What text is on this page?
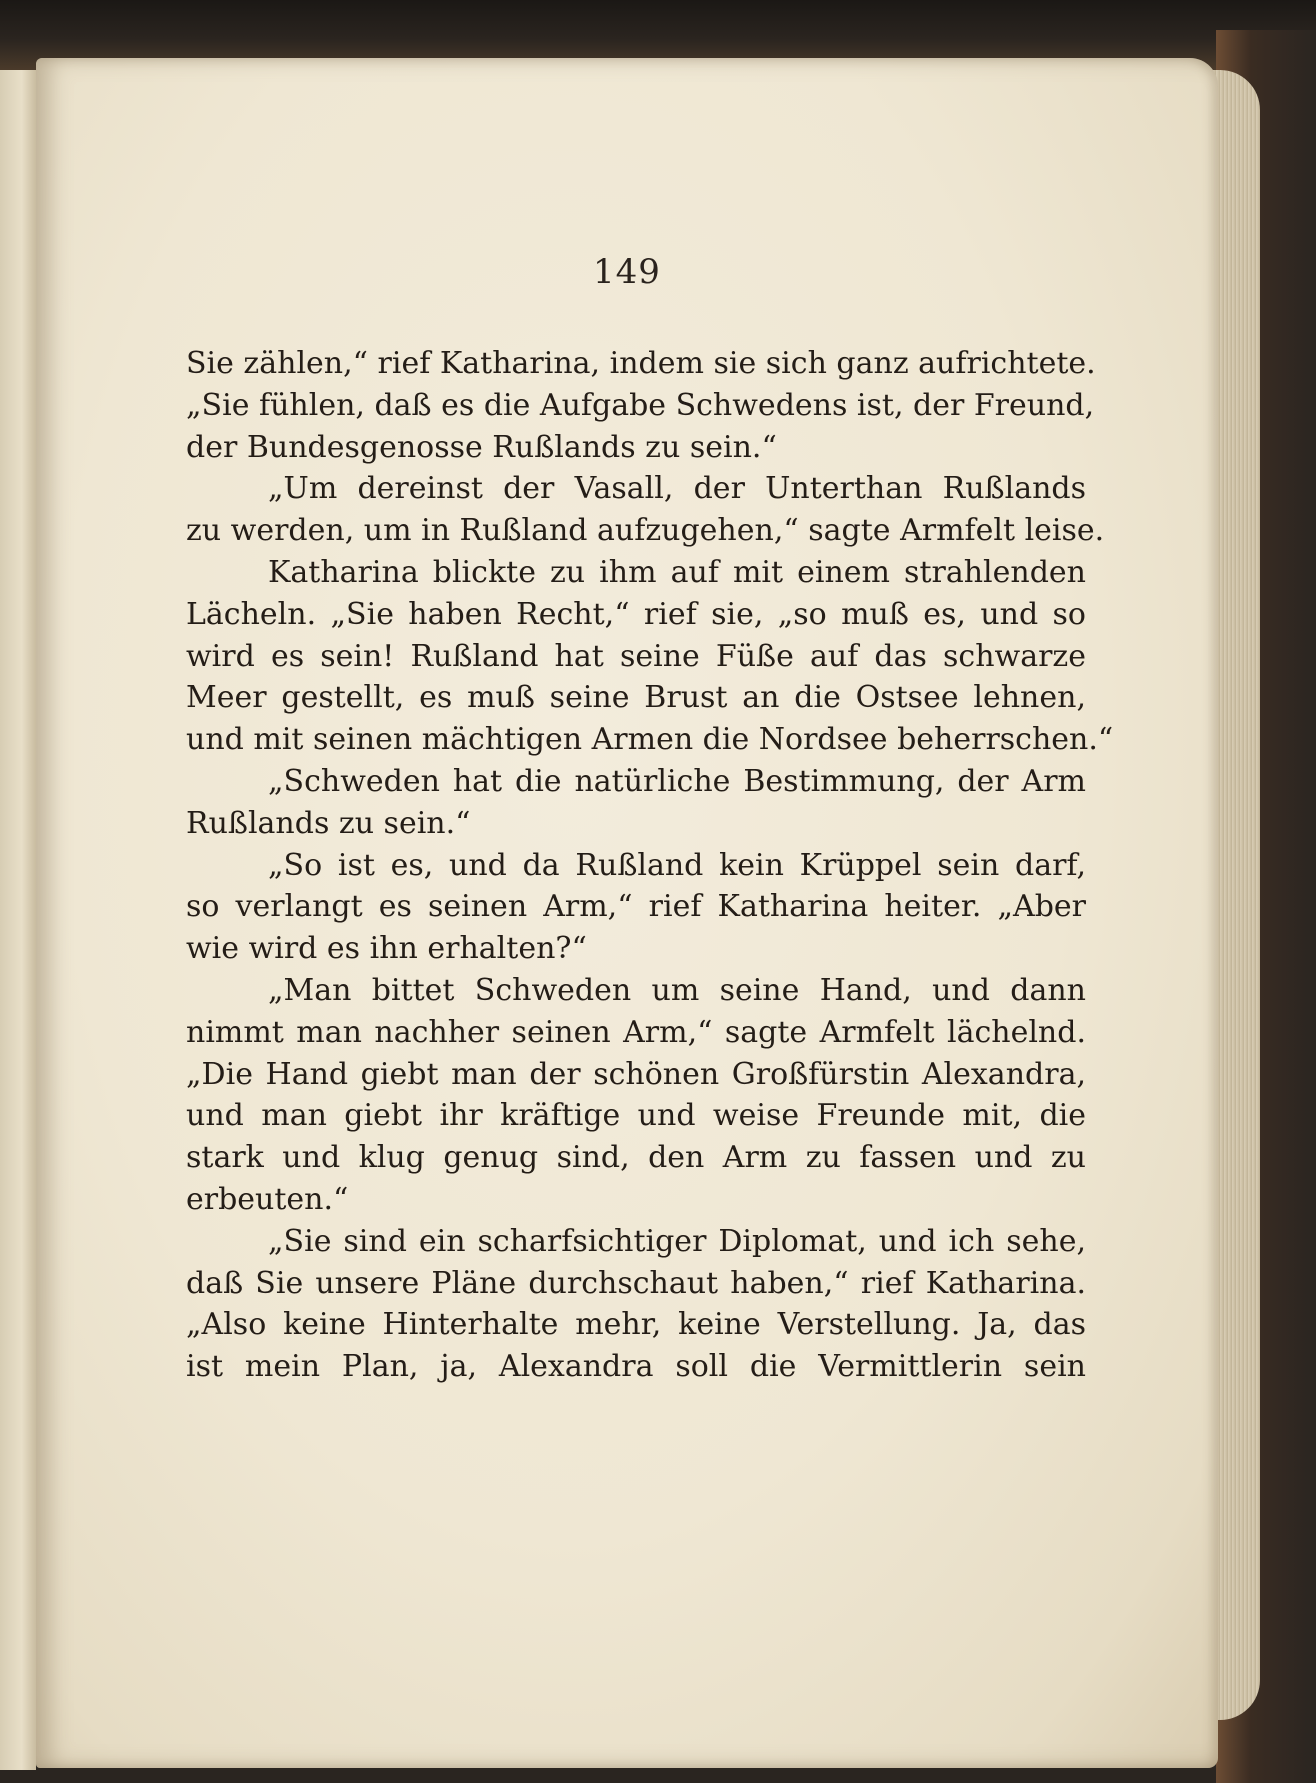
149
Sie zählen,“ rief Katharina, indem sie sich ganz aufrichtete.
„Sie fühlen, daß es die Aufgabe Schwedens ist, der Freund,
der Bundesgenosse Rußlands zu sein.“
„Um dereinst der Vasall, der Unterthan Rußlands
zu werden, um in Rußland aufzugehen,“ sagte Armfelt leise.
Katharina blickte zu ihm auf mit einem strahlenden
Lächeln. „Sie haben Recht,“ rief sie, „so muß es, und so
wird es sein! Rußland hat seine Füße auf das schwarze
Meer gestellt, es muß seine Brust an die Ostsee lehnen,
und mit seinen mächtigen Armen die Nordsee beherrschen.“
„Schweden hat die natürliche Bestimmung, der Arm
Rußlands zu sein.“
„So ist es, und da Rußland kein Krüppel sein darf,
so verlangt es seinen Arm,“ rief Katharina heiter. „Aber
wie wird es ihn erhalten?“
„Man bittet Schweden um seine Hand, und dann
nimmt man nachher seinen Arm,“ sagte Armfelt lächelnd.
„Die Hand giebt man der schönen Großfürstin Alexandra,
und man giebt ihr kräftige und weise Freunde mit, die
stark und klug genug sind, den Arm zu fassen und zu
erbeuten.“
„Sie sind ein scharfsichtiger Diplomat, und ich sehe,
daß Sie unsere Pläne durchschaut haben,“ rief Katharina.
„Also keine Hinterhalte mehr, keine Verstellung. Ja, das
ist mein Plan, ja, Alexandra soll die Vermittlerin sein
